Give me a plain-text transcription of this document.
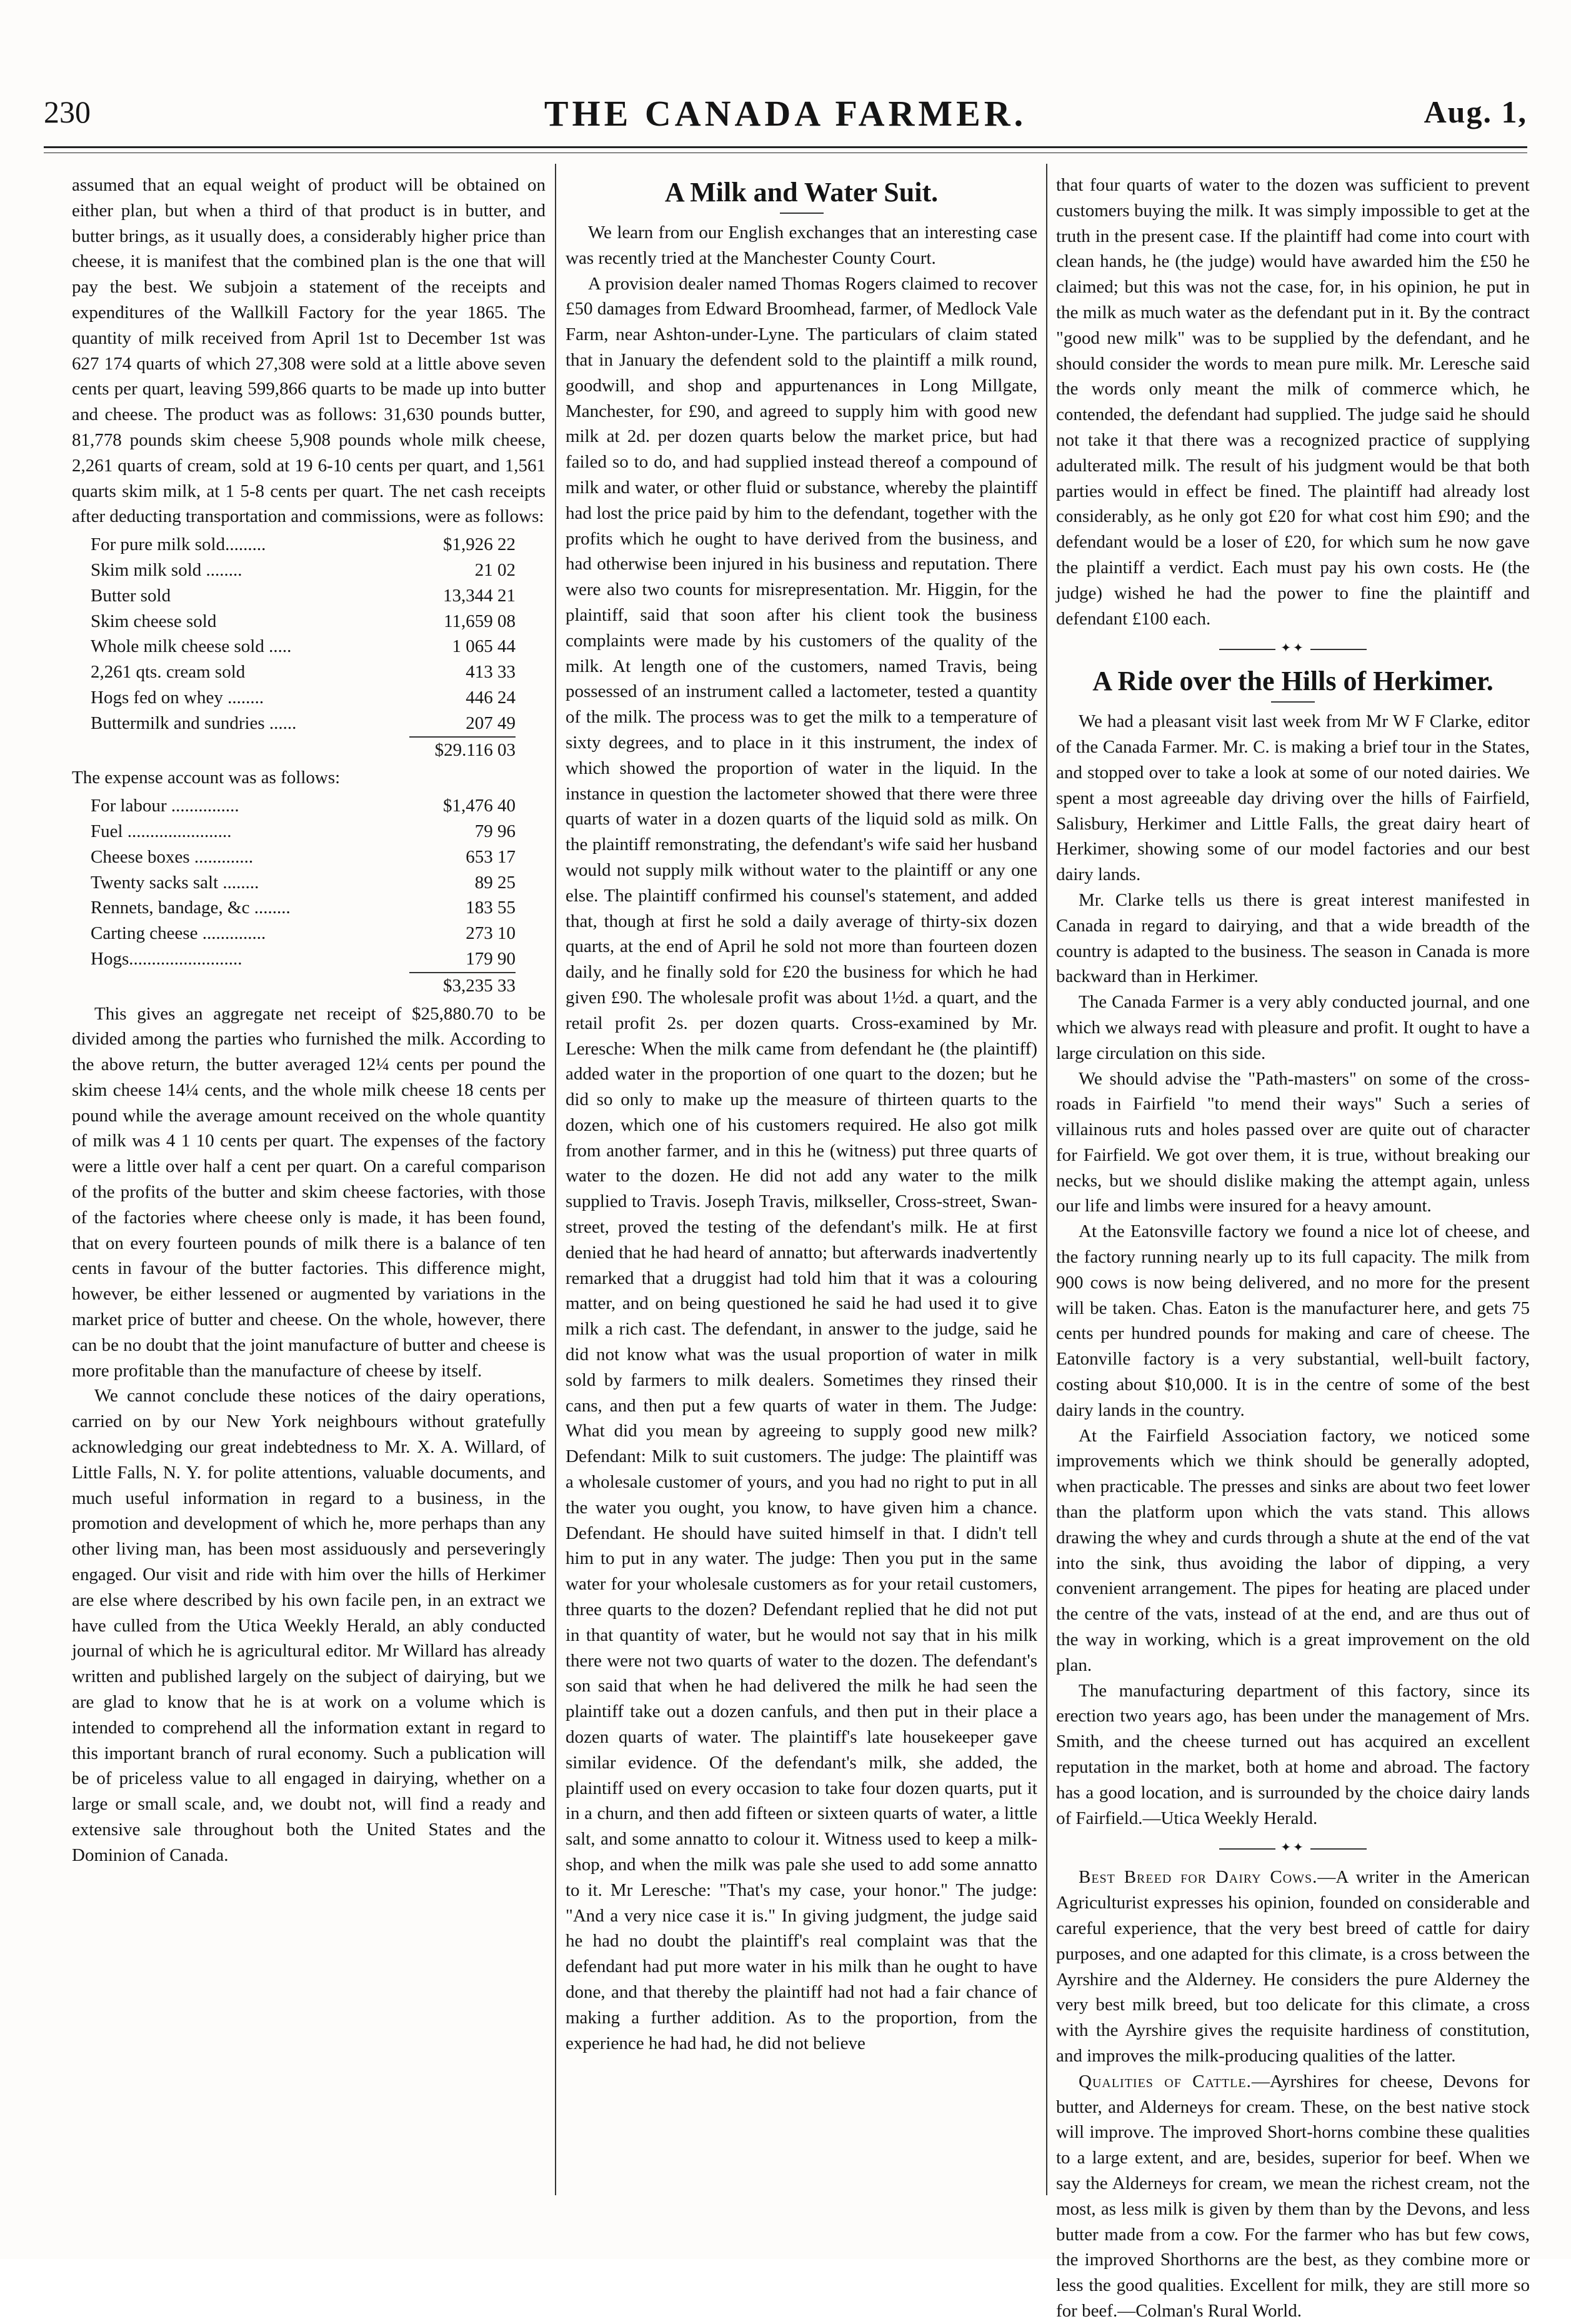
230	THE CANADA FARMER.	Aug. 1,

assumed that an equal weight of product will be obtained on either plan, but when a third of that product is in butter, and butter brings, as it usually does, a considerably higher price than cheese, it is manifest that the combined plan is the one that will pay the best. We subjoin a statement of the receipts and expenditures of the Wallkill Factory for the year 1865. The quantity of milk received from April 1st to December 1st was 627 174 quarts of which 27,308 were sold at a little above seven cents per quart, leaving 599,866 quarts to be made up into butter and cheese. The product was as follows: 31,630 pounds butter, 81,778 pounds skim cheese 5,908 pounds whole milk cheese, 2,261 quarts of cream, sold at 19 6-10 cents per quart, and 1,561 quarts skim milk, at 1 5-8 cents per quart. The net cash receipts after deducting transportation and commissions, were as follows:

For pure milk sold.........	$1,926 22
Skim milk sold ........	21 02
Butter sold	13,344 21
Skim cheese sold	11,659 08
Whole milk cheese sold .....	1 065 44
2,261 qts. cream sold	413 33
Hogs fed on whey ........	446 24
Buttermilk and sundries ......	207 49
	$29.116 03

The expense account was as follows:

For labour ...............	$1,476 40
Fuel .......................	79 96
Cheese boxes .............	653 17
Twenty sacks salt ........	89 25
Rennets, bandage, &c ........	183 55
Carting cheese ..............	273 10
Hogs.........................	179 90
	$3,235 33

This gives an aggregate net receipt of $25,880.70 to be divided among the parties who furnished the milk. According to the above return, the butter averaged 12¼ cents per pound the skim cheese 14¼ cents, and the whole milk cheese 18 cents per pound while the average amount received on the whole quantity of milk was 4 1 10 cents per quart. The expenses of the factory were a little over half a cent per quart. On a careful comparison of the profits of the butter and skim cheese factories, with those of the factories where cheese only is made, it has been found, that on every fourteen pounds of milk there is a balance of ten cents in favour of the butter factories. This difference might, however, be either lessened or augmented by variations in the market price of butter and cheese. On the whole, however, there can be no doubt that the joint manufacture of butter and cheese is more profitable than the manufacture of cheese by itself.

We cannot conclude these notices of the dairy operations, carried on by our New York neighbours without gratefully acknowledging our great indebtedness to Mr. X. A. Willard, of Little Falls, N. Y. for polite attentions, valuable documents, and much useful information in regard to a business, in the promotion and development of which he, more perhaps than any other living man, has been most assiduously and perseveringly engaged. Our visit and ride with him over the hills of Herkimer are else where described by his own facile pen, in an extract we have culled from the Utica Weekly Herald, an ably conducted journal of which he is agricultural editor. Mr Willard has already written and published largely on the subject of dairying, but we are glad to know that he is at work on a volume which is intended to comprehend all the information extant in regard to this important branch of rural economy. Such a publication will be of priceless value to all engaged in dairying, whether on a large or small scale, and, we doubt not, will find a ready and extensive sale throughout both the United States and the Dominion of Canada.

A Milk and Water Suit.

We learn from our English exchanges that an interesting case was recently tried at the Manchester County Court.

A provision dealer named Thomas Rogers claimed to recover £50 damages from Edward Broomhead, farmer, of Medlock Vale Farm, near Ashton-under-Lyne. The particulars of claim stated that in January the defendent sold to the plaintiff a milk round, goodwill, and shop and appurtenances in Long Millgate, Manchester, for £90, and agreed to supply him with good new milk at 2d. per dozen quarts below the market price, but had failed so to do, and had supplied instead thereof a compound of milk and water, or other fluid or substance, whereby the plaintiff had lost the price paid by him to the defendant, together with the profits which he ought to have derived from the business, and had otherwise been injured in his business and reputation. There were also two counts for misrepresentation. Mr. Higgin, for the plaintiff, said that soon after his client took the business complaints were made by his customers of the quality of the milk. At length one of the customers, named Travis, being possessed of an instrument called a lactometer, tested a quantity of the milk. The process was to get the milk to a temperature of sixty degrees, and to place in it this instrument, the index of which showed the proportion of water in the liquid. In the instance in question the lactometer showed that there were three quarts of water in a dozen quarts of the liquid sold as milk. On the plaintiff remonstrating, the defendant's wife said her husband would not supply milk without water to the plaintiff or any one else. The plaintiff confirmed his counsel's statement, and added that, though at first he sold a daily average of thirty-six dozen quarts, at the end of April he sold not more than fourteen dozen daily, and he finally sold for £20 the business for which he had given £90. The wholesale profit was about 1½d. a quart, and the retail profit 2s. per dozen quarts. Cross-examined by Mr. Leresche: When the milk came from defendant he (the plaintiff) added water in the proportion of one quart to the dozen; but he did so only to make up the measure of thirteen quarts to the dozen, which one of his customers required. He also got milk from another farmer, and in this he (witness) put three quarts of water to the dozen. He did not add any water to the milk supplied to Travis. Joseph Travis, milkseller, Cross-street, Swan-street, proved the testing of the defendant's milk. He at first denied that he had heard of annatto; but afterwards inadvertently remarked that a druggist had told him that it was a colouring matter, and on being questioned he said he had used it to give milk a rich cast. The defendant, in answer to the judge, said he did not know what was the usual proportion of water in milk sold by farmers to milk dealers. Sometimes they rinsed their cans, and then put a few quarts of water in them. The Judge: What did you mean by agreeing to supply good new milk? Defendant: Milk to suit customers. The judge: The plaintiff was a wholesale customer of yours, and you had no right to put in all the water you ought, you know, to have given him a chance. Defendant. He should have suited himself in that. I didn't tell him to put in any water. The judge: Then you put in the same water for your wholesale customers as for your retail customers, three quarts to the dozen? Defendant replied that he did not put in that quantity of water, but he would not say that in his milk there were not two quarts of water to the dozen. The defendant's son said that when he had delivered the milk he had seen the plaintiff take out a dozen canfuls, and then put in their place a dozen quarts of water. The plaintiff's late housekeeper gave similar evidence. Of the defendant's milk, she added, the plaintiff used on every occasion to take four dozen quarts, put it in a churn, and then add fifteen or sixteen quarts of water, a little salt, and some annatto to colour it. Witness used to keep a milk-shop, and when the milk was pale she used to add some annatto to it. Mr Leresche: "That's my case, your honor." The judge: "And a very nice case it is." In giving judgment, the judge said he had no doubt the plaintiff's real complaint was that the defendant had put more water in his milk than he ought to have done, and that thereby the plaintiff had not had a fair chance of making a further addition. As to the proportion, from the experience he had had, he did not believe

that four quarts of water to the dozen was sufficient to prevent customers buying the milk. It was simply impossible to get at the truth in the present case. If the plaintiff had come into court with clean hands, he (the judge) would have awarded him the £50 he claimed; but this was not the case, for, in his opinion, he put in the milk as much water as the defendant put in it. By the contract "good new milk" was to be supplied by the defendant, and he should consider the words to mean pure milk. Mr. Leresche said the words only meant the milk of commerce which, he contended, the defendant had supplied. The judge said he should not take it that there was a recognized practice of supplying adulterated milk. The result of his judgment would be that both parties would in effect be fined. The plaintiff had already lost considerably, as he only got £20 for what cost him £90; and the defendant would be a loser of £20, for which sum he now gave the plaintiff a verdict. Each must pay his own costs. He (the judge) wished he had the power to fine the plaintiff and defendant £100 each.

✦✦
A Ride over the Hills of Herkimer.

We had a pleasant visit last week from Mr W F Clarke, editor of the Canada Farmer. Mr. C. is making a brief tour in the States, and stopped over to take a look at some of our noted dairies. We spent a most agreeable day driving over the hills of Fairfield, Salisbury, Herkimer and Little Falls, the great dairy heart of Herkimer, showing some of our model factories and our best dairy lands.

Mr. Clarke tells us there is great interest manifested in Canada in regard to dairying, and that a wide breadth of the country is adapted to the business. The season in Canada is more backward than in Herkimer.

The Canada Farmer is a very ably conducted journal, and one which we always read with pleasure and profit. It ought to have a large circulation on this side.

We should advise the "Path-masters" on some of the cross-roads in Fairfield "to mend their ways" Such a series of villainous ruts and holes passed over are quite out of character for Fairfield. We got over them, it is true, without breaking our necks, but we should dislike making the attempt again, unless our life and limbs were insured for a heavy amount.

At the Eatonsville factory we found a nice lot of cheese, and the factory running nearly up to its full capacity. The milk from 900 cows is now being delivered, and no more for the present will be taken. Chas. Eaton is the manufacturer here, and gets 75 cents per hundred pounds for making and care of cheese. The Eatonville factory is a very substantial, well-built factory, costing about $10,000. It is in the centre of some of the best dairy lands in the country.

At the Fairfield Association factory, we noticed some improvements which we think should be generally adopted, when practicable. The presses and sinks are about two feet lower than the platform upon which the vats stand. This allows drawing the whey and curds through a shute at the end of the vat into the sink, thus avoiding the labor of dipping, a very convenient arrangement. The pipes for heating are placed under the centre of the vats, instead of at the end, and are thus out of the way in working, which is a great improvement on the old plan.

The manufacturing department of this factory, since its erection two years ago, has been under the management of Mrs. Smith, and the cheese turned out has acquired an excellent reputation in the market, both at home and abroad. The factory has a good location, and is surrounded by the choice dairy lands of Fairfield.—Utica Weekly Herald.

✦✦

Best Breed for Dairy Cows.—A writer in the American Agriculturist expresses his opinion, founded on considerable and careful experience, that the very best breed of cattle for dairy purposes, and one adapted for this climate, is a cross between the Ayrshire and the Alderney. He considers the pure Alderney the very best milk breed, but too delicate for this climate, a cross with the Ayrshire gives the requisite hardiness of constitution, and improves the milk-producing qualities of the latter.

Qualities of Cattle.—Ayrshires for cheese, Devons for butter, and Alderneys for cream. These, on the best native stock will improve. The improved Short-horns combine these qualities to a large extent, and are, besides, superior for beef. When we say the Alderneys for cream, we mean the richest cream, not the most, as less milk is given by them than by the Devons, and less butter made from a cow. For the farmer who has but few cows, the improved Shorthorns are the best, as they combine more or less the good qualities. Excellent for milk, they are still more so for beef.—Colman's Rural World.
